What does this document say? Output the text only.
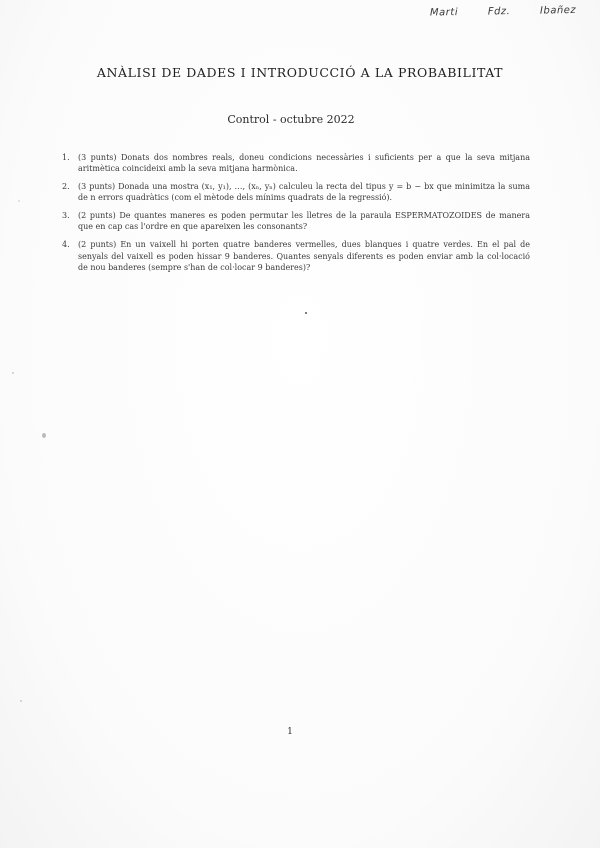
Marti	Fdz.	Ibañez
ANÀLISI DE DADES I INTRODUCCIÓ A LA PROBABILITAT
Control - octubre 2022
1. (3 punts) Donats dos nombres reals, doneu condicions necessàries i suficients per a que la seva mitjana aritmètica coincideixi amb la seva mitjana harmònica.
2. (3 punts) Donada una mostra (x₁, y₁), …, (xₙ, yₙ) calculeu la recta del tipus y = b − bx que minimitza la suma de n errors quadràtics (com el mètode dels mínims quadrats de la regressió).
3. (2 punts) De quantes maneres es poden permutar les lletres de la paraula ESPERMATOZOIDES de manera que en cap cas l'ordre en que apareixen les consonants?
4. (2 punts) En un vaixell hi porten quatre banderes vermelles, dues blanques i quatre verdes. En el pal de senyals del vaixell es poden hissar 9 banderes. Quantes senyals diferents es poden enviar amb la col·locació de nou banderes (sempre s'han de col·locar 9 banderes)?
1
